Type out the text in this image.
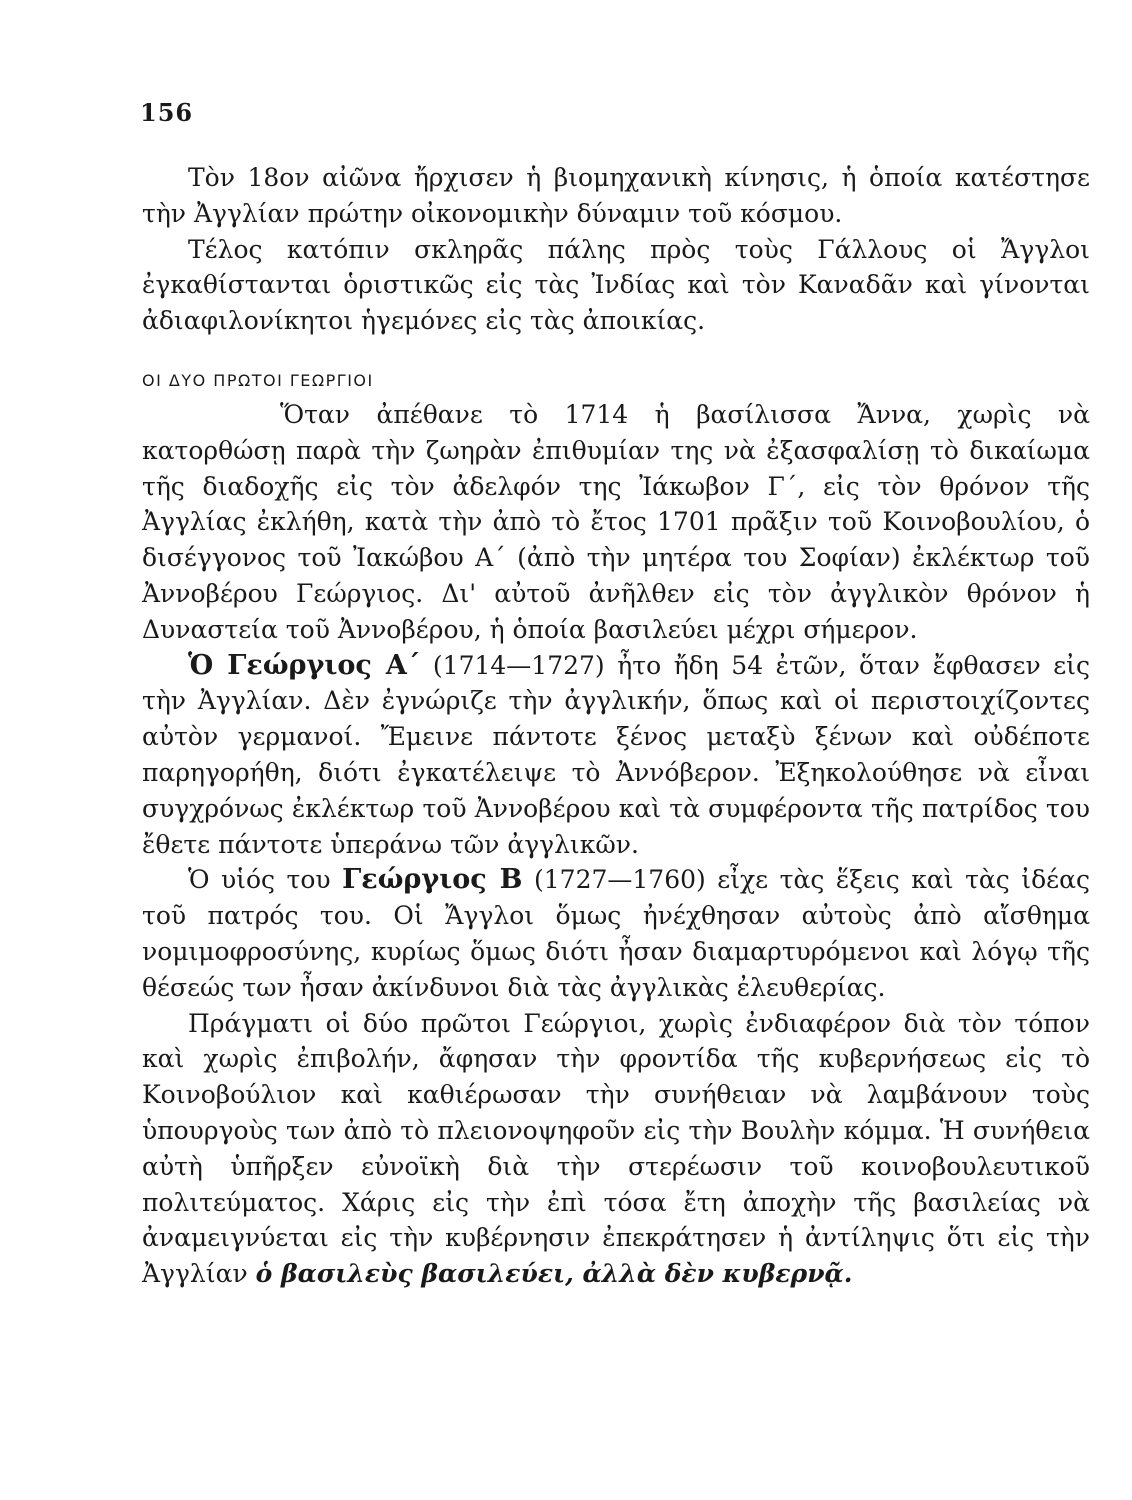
156

Τὸν 18ον αἰῶνα ἤρχισεν ἡ βιομηχανικὴ κίνησις, ἡ ὁποία κατέστησε τὴν Ἀγγλίαν πρώτην οἰκονομικὴν δύναμιν τοῦ κόσμου.

Τέλος κατόπιν σκληρᾶς πάλης πρὸς τοὺς Γάλλους οἱ Ἄγγλοι ἐγκαθίστανται ὁριστικῶς εἰς τὰς Ἰνδίας καὶ τὸν Καναδᾶν καὶ γίνονται ἀδιαφιλονίκητοι ἡγεμόνες εἰς τὰς ἀποικίας.

ΟΙ ΔΥΟ ΠΡΩΤΟΙ ΓΕΩΡΓΙΟΙ

Ὅταν ἀπέθανε τὸ 1714 ἡ βασίλισσα Ἄννα, χωρὶς νὰ κατορθώσῃ παρὰ τὴν ζωηρὰν ἐπιθυμίαν της νὰ ἐξασφαλίσῃ τὸ δικαίωμα τῆς διαδοχῆς εἰς τὸν ἀδελφόν της Ἰάκωβον Γ΄, εἰς τὸν θρόνον τῆς Ἀγγλίας ἐκλήθη, κατὰ τὴν ἀπὸ τὸ ἔτος 1701 πρᾶξιν τοῦ Κοινοβουλίου, ὁ δισέγγονος τοῦ Ἰακώβου Α΄ (ἀπὸ τὴν μητέρα του Σοφίαν) ἐκλέκτωρ τοῦ Ἀννοβέρου Γεώργιος. Δι' αὐτοῦ ἀνῆλθεν εἰς τὸν ἀγγλικὸν θρόνον ἡ Δυναστεία τοῦ Ἀννοβέρου, ἡ ὁποία βασιλεύει μέχρι σήμερον.

Ὁ Γεώργιος Α΄ (1714—1727) ἦτο ἤδη 54 ἐτῶν, ὅταν ἔφθασεν εἰς τὴν Ἀγγλίαν. Δὲν ἐγνώριζε τὴν ἀγγλικήν, ὅπως καὶ οἱ περιστοιχίζοντες αὐτὸν γερμανοί. Ἔμεινε πάντοτε ξένος μεταξὺ ξένων καὶ οὐδέποτε παρηγορήθη, διότι ἐγκατέλειψε τὸ Ἀννόβερον. Ἐξηκολούθησε νὰ εἶναι συγχρόνως ἐκλέκτωρ τοῦ Ἀννοβέρου καὶ τὰ συμφέροντα τῆς πατρίδος του ἔθετε πάντοτε ὑπεράνω τῶν ἀγγλικῶν.

Ὁ υἱός του Γεώργιος Β (1727—1760) εἶχε τὰς ἕξεις καὶ τὰς ἰδέας τοῦ πατρός του. Οἱ Ἄγγλοι ὅμως ἠνέχθησαν αὐτοὺς ἀπὸ αἴσθημα νομιμοφροσύνης, κυρίως ὅμως διότι ἦσαν διαμαρτυρόμενοι καὶ λόγῳ τῆς θέσεώς των ἦσαν ἀκίνδυνοι διὰ τὰς ἀγγλικὰς ἐλευθερίας.

Πράγματι οἱ δύο πρῶτοι Γεώργιοι, χωρὶς ἐνδιαφέρον διὰ τὸν τόπον καὶ χωρὶς ἐπιβολήν, ἄφησαν τὴν φροντίδα τῆς κυβερνήσεως εἰς τὸ Κοινοβούλιον καὶ καθιέρωσαν τὴν συνήθειαν νὰ λαμβάνουν τοὺς ὑπουργοὺς των ἀπὸ τὸ πλειονοψηφοῦν εἰς τὴν Βουλὴν κόμμα. Ἡ συνήθεια αὐτὴ ὑπῆρξεν εὐνοϊκὴ διὰ τὴν στερέωσιν τοῦ κοινοβουλευτικοῦ πολιτεύματος. Χάρις εἰς τὴν ἐπὶ τόσα ἔτη ἀποχὴν τῆς βασιλείας νὰ ἀναμειγνύεται εἰς τὴν κυβέρνησιν ἐπεκράτησεν ἡ ἀντίληψις ὅτι εἰς τὴν Ἀγγλίαν ὁ βασιλεὺς βασιλεύει, ἀλλὰ δὲν κυβερνᾷ.
